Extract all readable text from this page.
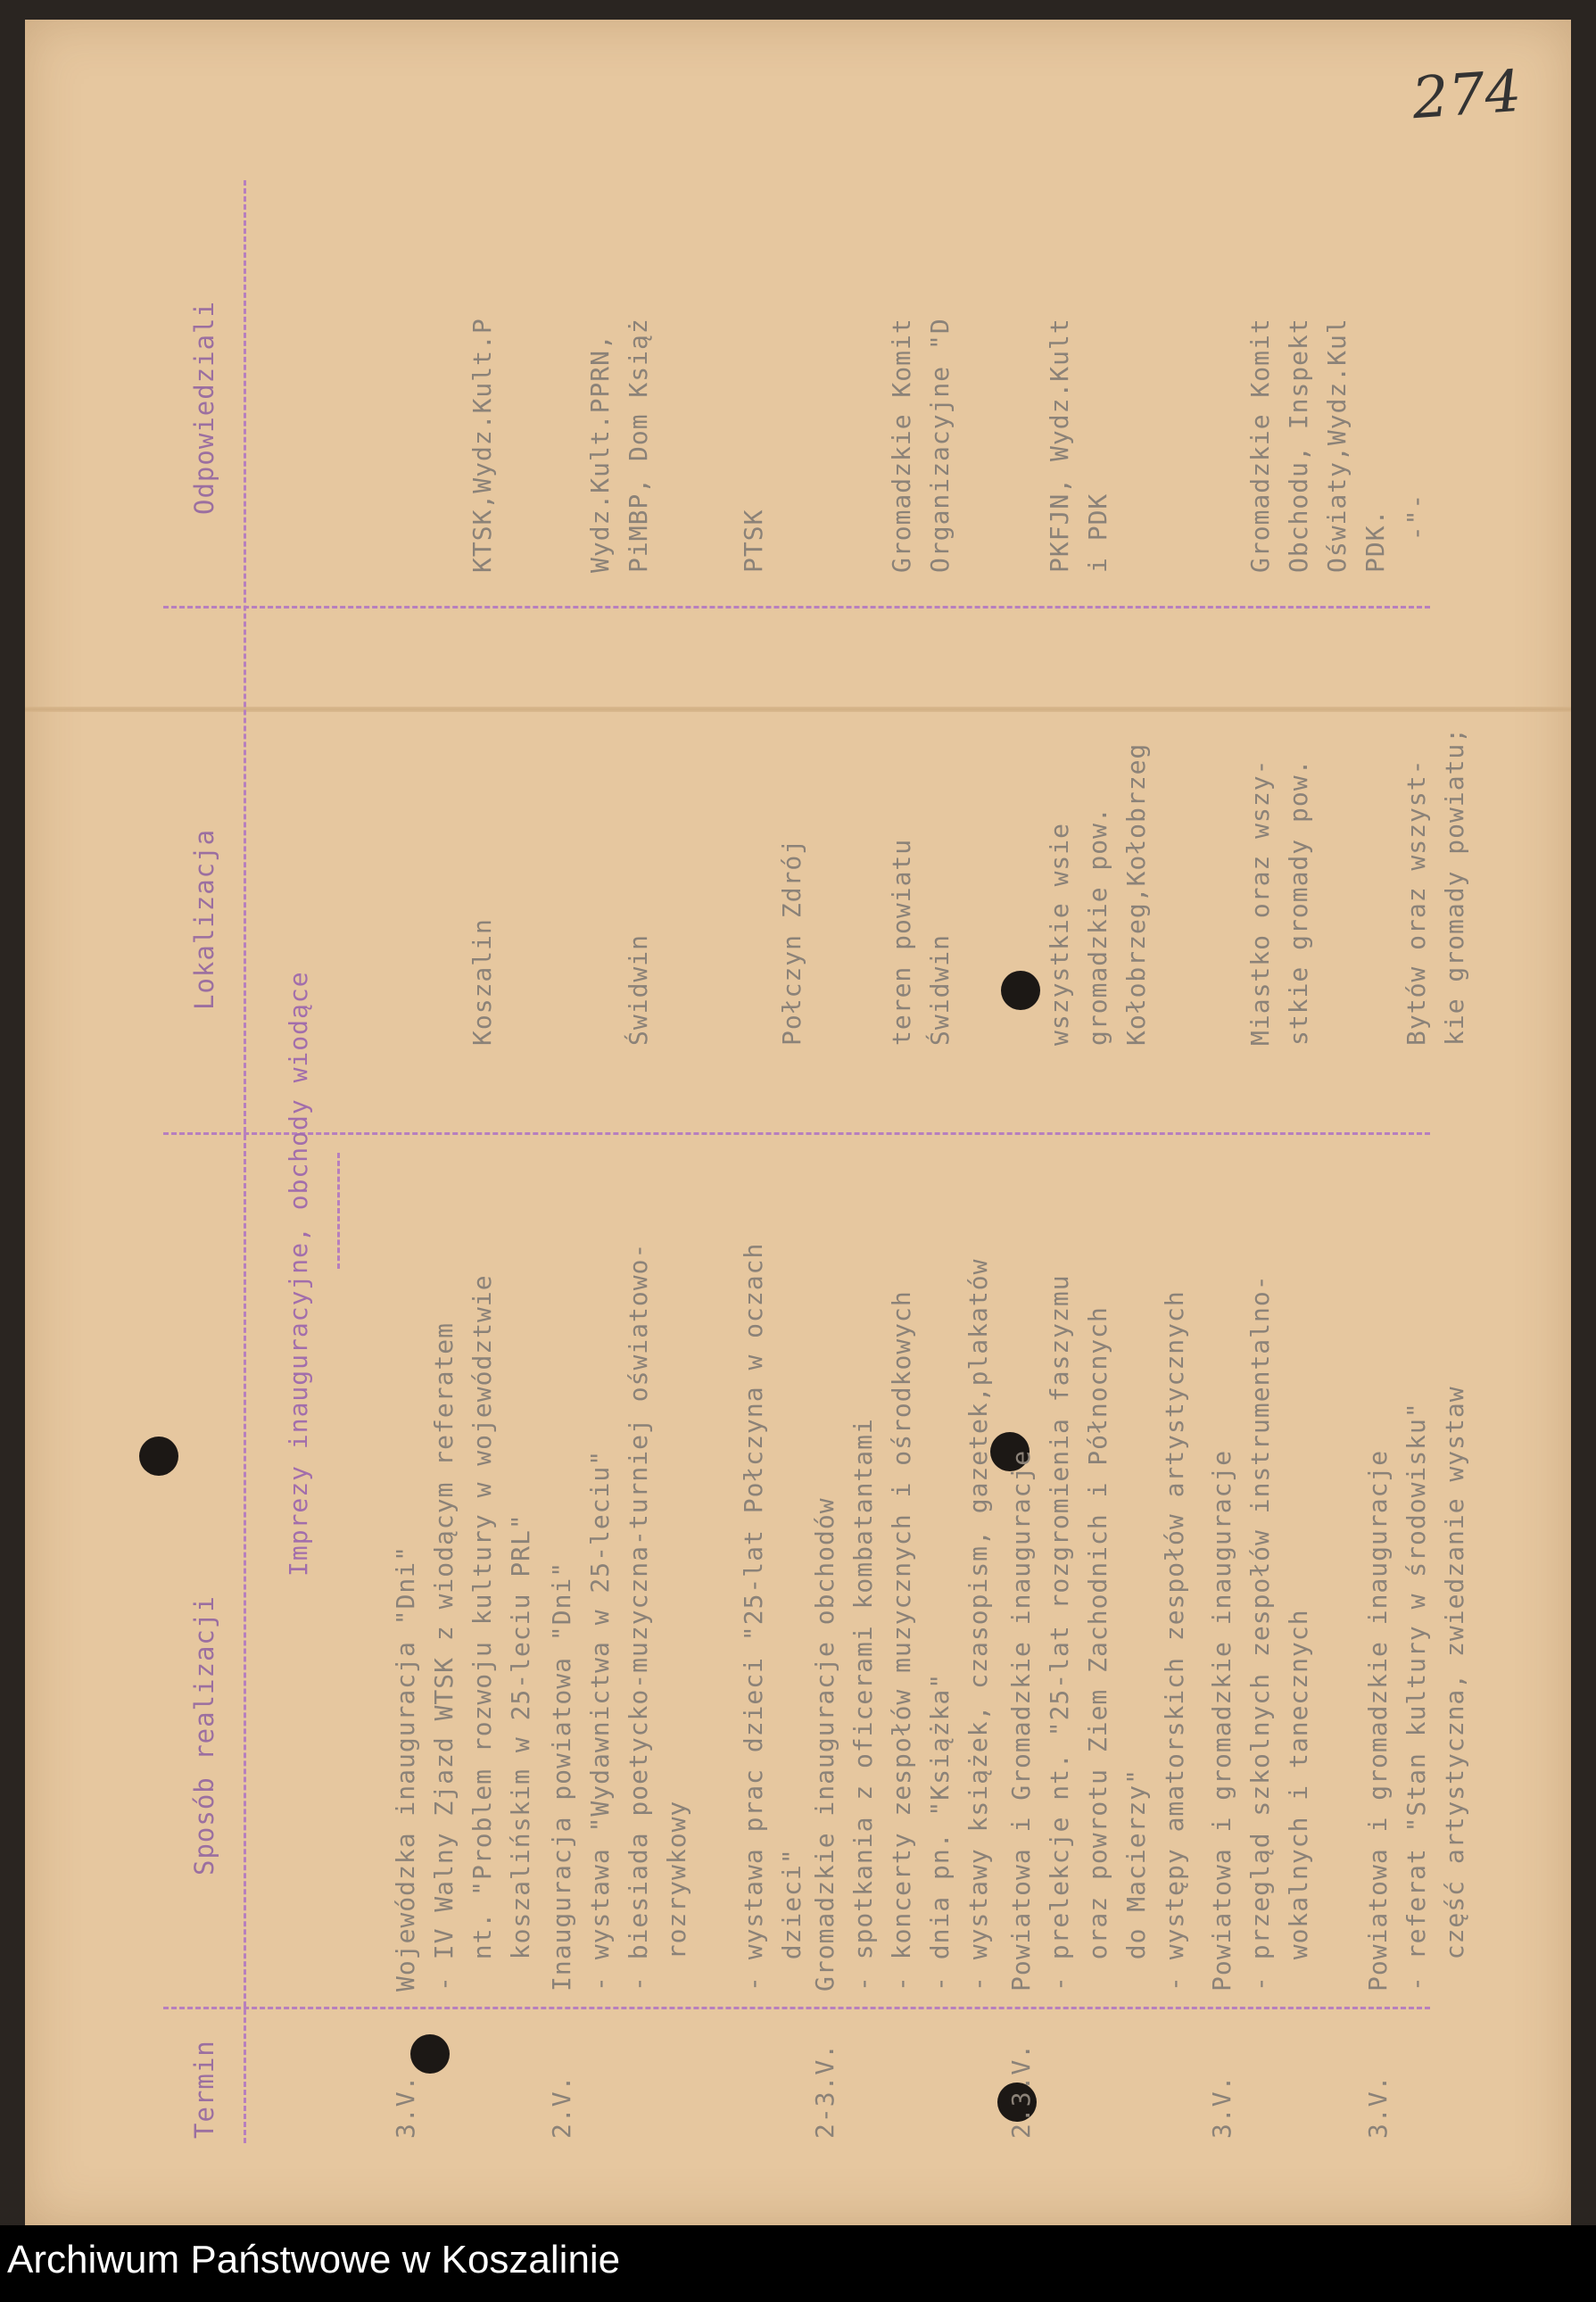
274
Termin
Sposób realizacji
Lokalizacja
Odpowiedziali
Imprezy inauguracyjne, obchody wiodące
3.V.
Wojewódzka inauguracja "Dni"
- IV Walny Zjazd WTSK z wiodącym referatem
nt. "Problem rozwoju kultury w województwie
koszalińskim w 25-leciu PRL"

Koszalin

KTSK,Wydz.Kult.P
2.V.
Inauguracja powiatowa "Dni"
- wystawa "Wydawnictwa w 25-leciu"
- biesiada poetycko-muzyczna-turniej oświatowo-
rozrywkowy

- wystawa prac dzieci "25-lat Połczyna w oczach
dzieci"

Świdwin

Połczyn Zdrój

Wydz.Kult.PPRN,
PiMBP, Dom Książ

PTSK
2-3.V.
Gromadzkie inauguracje obchodów
- spotkania z oficerami kombatantami
- koncerty zespołów muzycznych i ośrodkowych
- dnia pn. "Książka"
- wystawy książek, czasopism, gazetek,plakatów

teren powiatu
Świdwin

Gromadzkie Komit
Organizacyjne "D
2.3.V.
Powiatowa i Gromadzkie inauguracje
- prelekcje nt. "25-lat rozgromienia faszyzmu
oraz powrotu Ziem Zachodnich i Północnych
do Macierzy"
- występy amatorskich zespołów artystycznych

wszystkie wsie
gromadzkie pow.
Kołobrzeg,Kołobrzeg

PKFJN, Wydz.Kult
i PDK
3.V.
Powiatowa i gromadzkie inauguracje
- przegląd szkolnych zespołów instrumentalno-
wokalnych i tanecznych

Miastko oraz wszy-
stkie gromady pow.

Gromadzkie Komit
Obchodu, Inspekt
Oświaty,Wydz.Kul
PDK.
3.V.
Powiatowa i gromadzkie inauguracje
- referat "Stan kultury w środowisku"
część artystyczna, zwiedzanie wystaw

Bytów oraz wszyst-
kie gromady powiatu;

-"-
Archiwum Państwowe w Koszalinie
